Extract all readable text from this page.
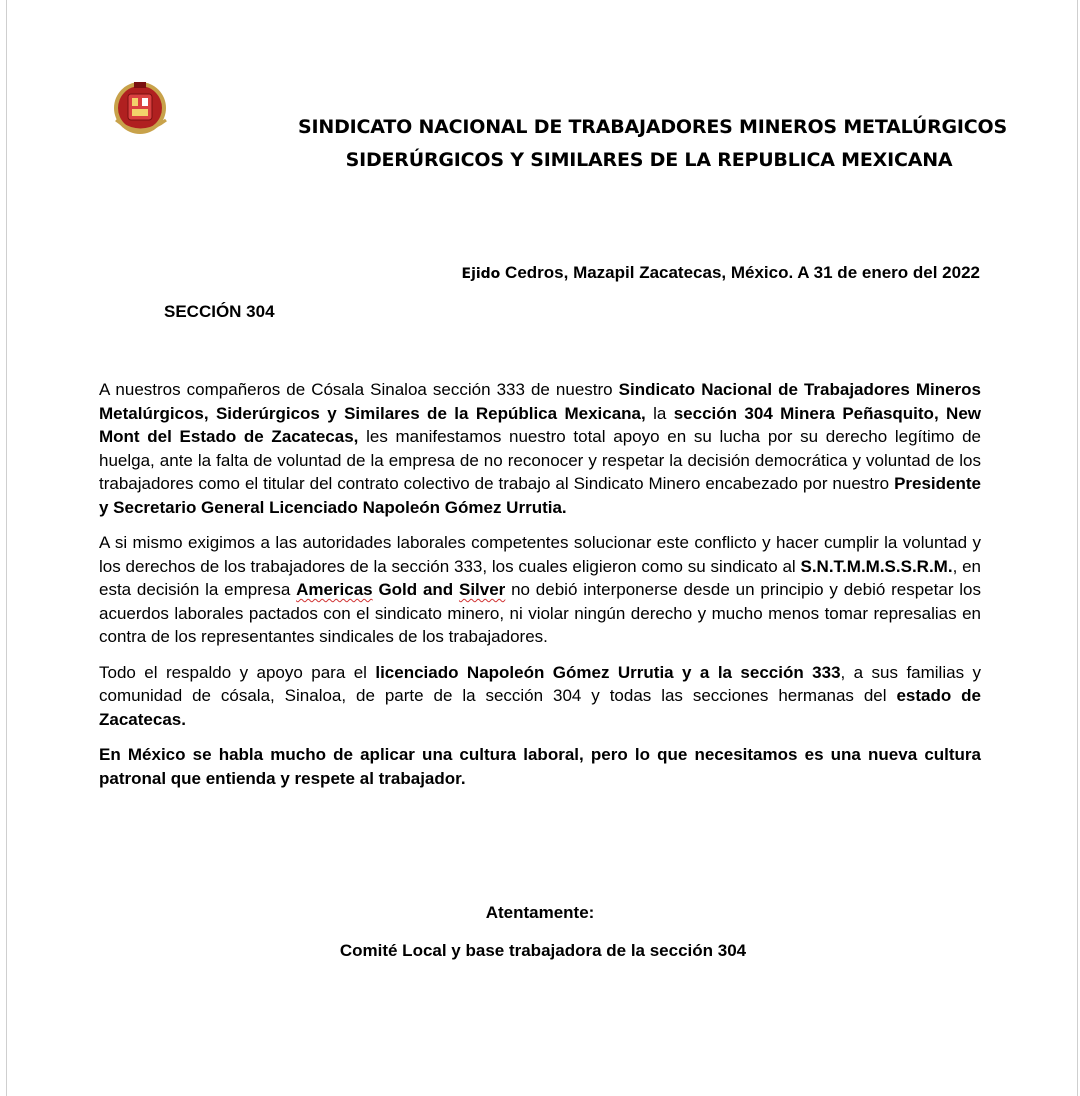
SINDICATO NACIONAL DE TRABAJADORES MINEROS METALÚRGICOS
SIDERÚRGICOS Y SIMILARES DE LA REPUBLICA MEXICANA
Ejido Cedros, Mazapil Zacatecas, México. A 31 de enero del 2022
SECCIÓN 304

A nuestros compañeros de Cósala Sinaloa sección 333 de nuestro Sindicato Nacional de Trabajadores Mineros Metalúrgicos, Siderúrgicos y Similares de la República Mexicana, la sección 304 Minera Peñasquito, New Mont del Estado de Zacatecas, les manifestamos nuestro total apoyo en su lucha por su derecho legítimo de huelga, ante la falta de voluntad de la empresa de no reconocer y respetar la decisión democrática y voluntad de los trabajadores como el titular del contrato colectivo de trabajo al Sindicato Minero encabezado por nuestro Presidente y Secretario General Licenciado Napoleón Gómez Urrutia.

A si mismo exigimos a las autoridades laborales competentes solucionar este conflicto y hacer cumplir la voluntad y los derechos de los trabajadores de la sección 333, los cuales eligieron como su sindicato al S.N.T.M.M.S.S.R.M., en esta decisión la empresa Americas Gold and Silver no debió interponerse desde un principio y debió respetar los acuerdos laborales pactados con el sindicato minero, ni violar ningún derecho y mucho menos tomar represalias en contra de los representantes sindicales de los trabajadores.

Todo el respaldo y apoyo para el licenciado Napoleón Gómez Urrutia y a la sección 333, a sus familias y comunidad de cósala, Sinaloa, de parte de la sección 304 y todas las secciones hermanas del estado de Zacatecas.

En México se habla mucho de aplicar una cultura laboral, pero lo que necesitamos es una nueva cultura patronal que entienda y respete al trabajador.

Atentamente:
Comité Local y base trabajadora de la sección 304
